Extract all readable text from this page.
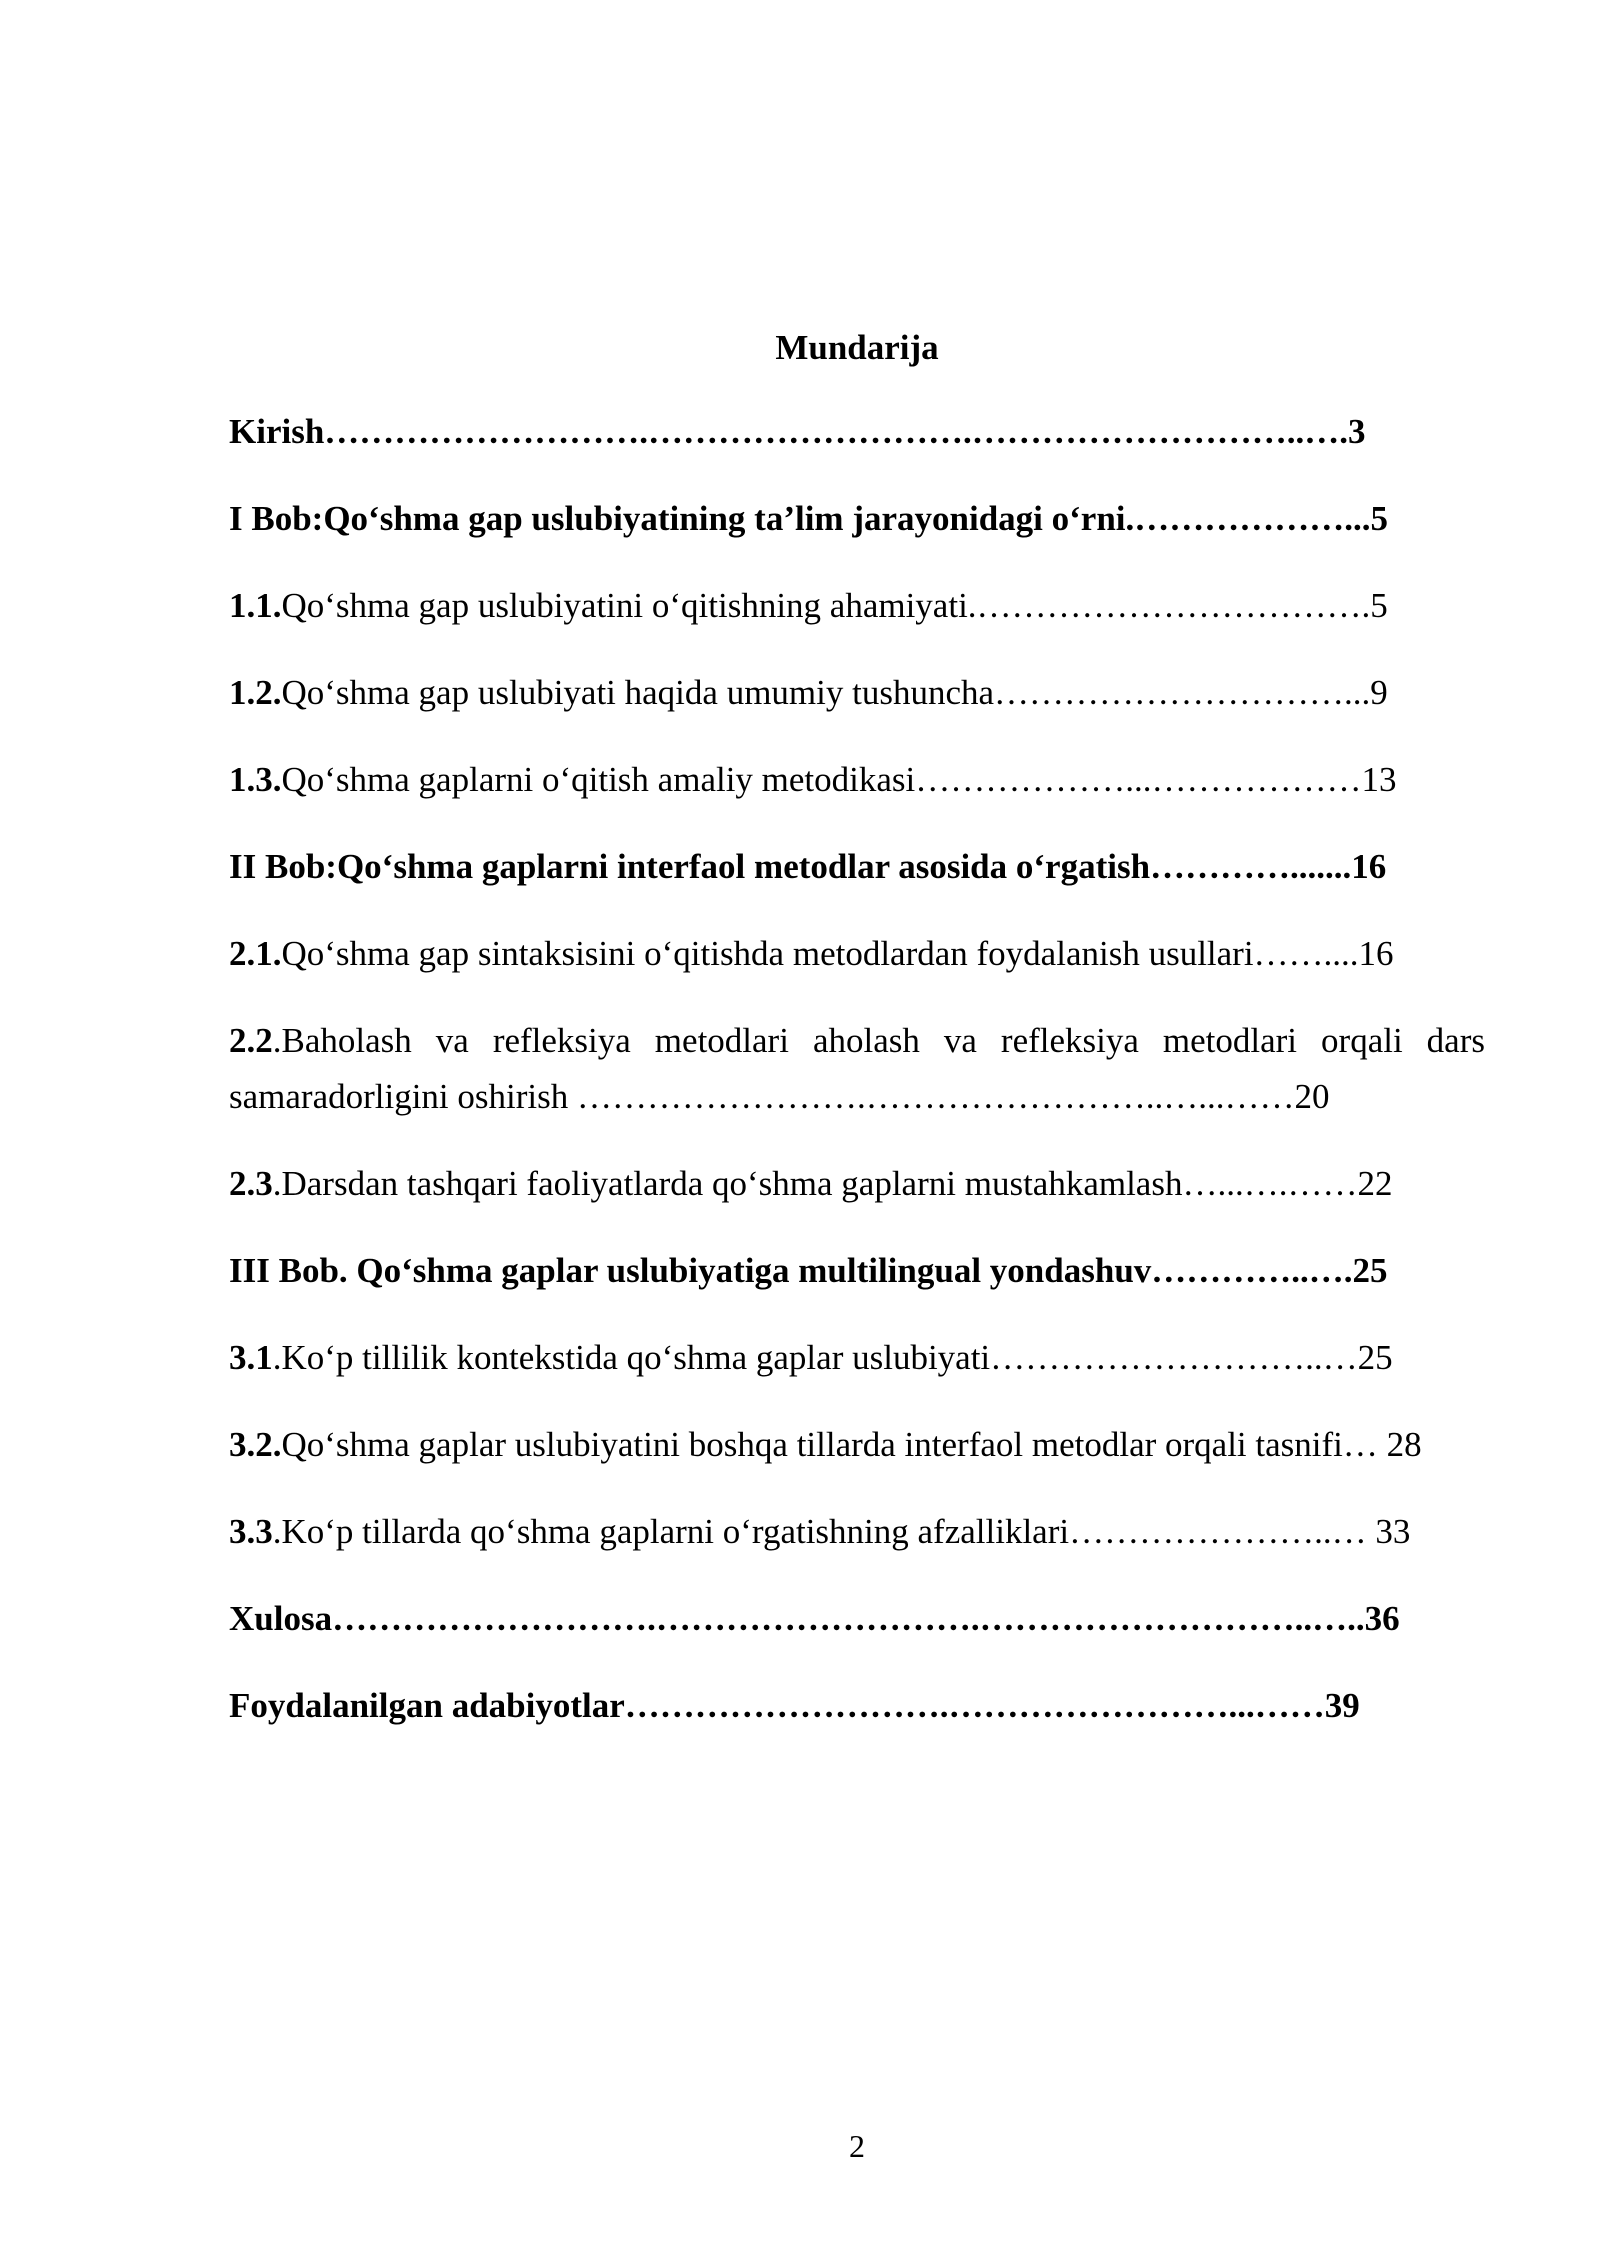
Mundarija
Kirish……………………….……………………….………………………..….3
I Bob:Qo‘shma gap uslubiyatining ta’lim jarayonidagi o‘rni.………………...5
1.1.Qo‘shma gap uslubiyatini o‘qitishning ahamiyati.…………………………….5
1.2.Qo‘shma gap uslubiyati haqida umumiy tushuncha…………………………...9
1.3.Qo‘shma gaplarni o‘qitish amaliy metodikasi………………...………………13
II Bob:Qo‘shma gaplarni interfaol metodlar asosida o‘rgatish………….......16
2.1.Qo‘shma gap sintaksisini o‘qitishda metodlardan foydalanish usullari……....16
2.2.Baholash va refleksiya metodlari aholash va refleksiya metodlari orqali dars samaradorligini oshirish …………………….……………………..…...……20
2.3.Darsdan tashqari faoliyatlarda qo‘shma gaplarni mustahkamlash…...….……22
III Bob. Qo‘shma gaplar uslubiyatiga multilingual yondashuv…………..….25
3.1.Ko‘p tillilik kontekstida qo‘shma gaplar uslubiyati………………………..…25
3.2.Qo‘shma gaplar uslubiyatini boshqa tillarda interfaol metodlar orqali tasnifi… 28
3.3.Ko‘p tillarda qo‘shma gaplarni o‘rgatishning afzalliklari…………………..… 33
Xulosa……………………….……………………….………………………..…..36
Foydalanilgan adabiyotlar……………………….……………………...……39
2
